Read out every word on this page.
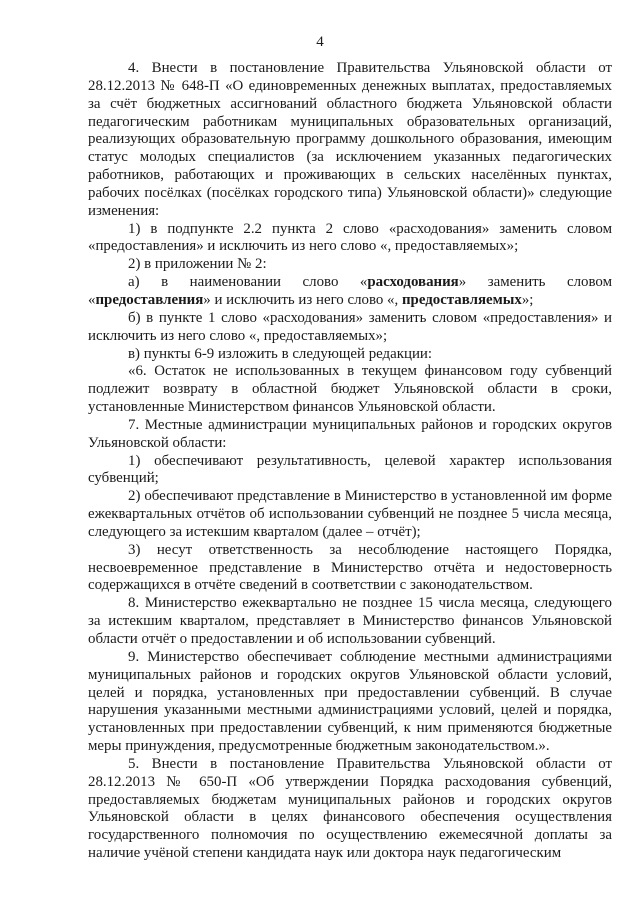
4

4. Внести в постановление Правительства Ульяновской области от 28.12.2013 № 648-П «О единовременных денежных выплатах, предоставляемых за счёт бюджетных ассигнований областного бюджета Ульяновской области педагогическим работникам муниципальных образовательных организаций, реализующих образовательную программу дошкольного образования, имеющим статус молодых специалистов (за исключением указанных педагогических работников, работающих и проживающих в сельских населённых пунктах, рабочих посёлках (посёлках городского типа) Ульяновской области)» следующие изменения:

1) в подпункте 2.2 пункта 2 слово «расходования» заменить словом «предоставления» и исключить из него слово «, предоставляемых»;

2) в приложении № 2:

а) в наименовании слово «расходования» заменить словом «предоставления» и исключить из него слово «, предоставляемых»;

б) в пункте 1 слово «расходования» заменить словом «предоставления» и исключить из него слово «, предоставляемых»;

в) пункты 6-9 изложить в следующей редакции:

«6. Остаток не использованных в текущем финансовом году субвенций подлежит возврату в областной бюджет Ульяновской области в сроки, установленные Министерством финансов Ульяновской области.

7. Местные администрации муниципальных районов и городских округов Ульяновской области:

1) обеспечивают результативность, целевой характер использования субвенций;

2) обеспечивают представление в Министерство в установленной им форме ежеквартальных отчётов об использовании субвенций не позднее 5 числа месяца, следующего за истекшим кварталом (далее – отчёт);

3) несут ответственность за несоблюдение настоящего Порядка, несвоевременное представление в Министерство отчёта и недостоверность содержащихся в отчёте сведений в соответствии с законодательством.

8. Министерство ежеквартально не позднее 15 числа месяца, следующего за истекшим кварталом, представляет в Министерство финансов Ульяновской области отчёт о предоставлении и об использовании субвенций.

9. Министерство обеспечивает соблюдение местными администрациями муниципальных районов и городских округов Ульяновской области условий, целей и порядка, установленных при предоставлении субвенций. В случае нарушения указанными местными администрациями условий, целей и порядка, установленных при предоставлении субвенций, к ним применяются бюджетные меры принуждения, предусмотренные бюджетным законодательством.».

5. Внести в постановление Правительства Ульяновской области от 28.12.2013 № 650-П «Об утверждении Порядка расходования субвенций, предоставляемых бюджетам муниципальных районов и городских округов Ульяновской области в целях финансового обеспечения осуществления государственного полномочия по осуществлению ежемесячной доплаты за наличие учёной степени кандидата наук или доктора наук педагогическим
